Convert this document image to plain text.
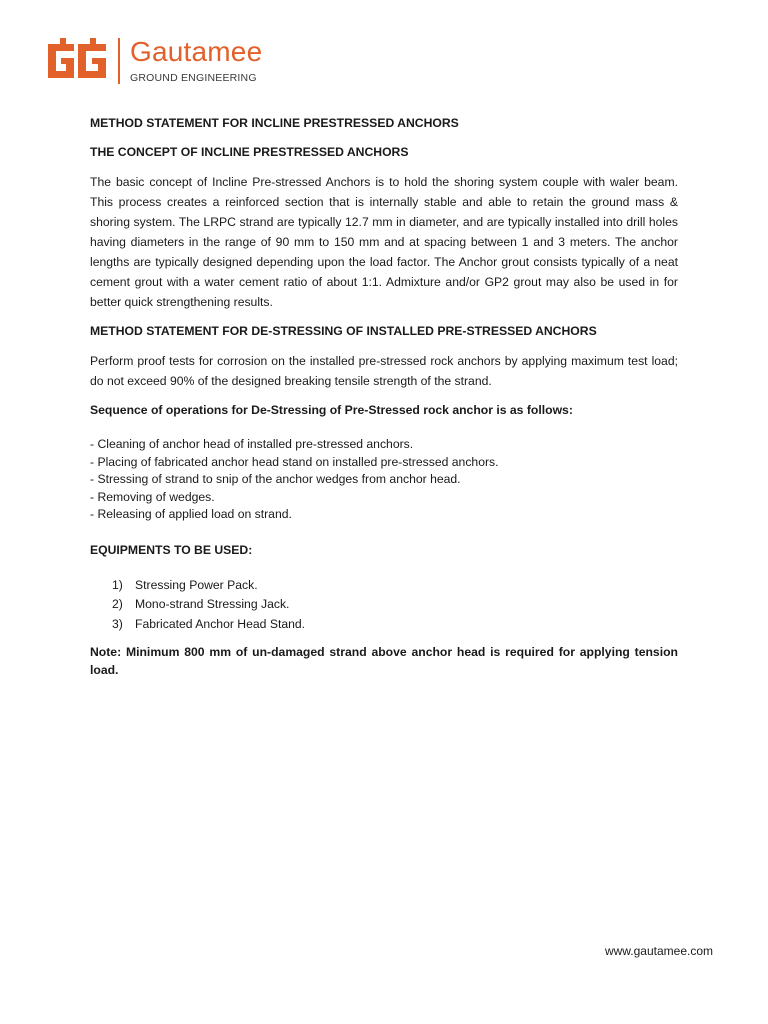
Gautamee
GROUND ENGINEERING

METHOD STATEMENT FOR INCLINE PRESTRESSED ANCHORS

THE CONCEPT OF INCLINE PRESTRESSED ANCHORS

The basic concept of Incline Pre-stressed Anchors is to hold the shoring system couple with waler beam. This process creates a reinforced section that is internally stable and able to retain the ground mass & shoring system. The LRPC strand are typically 12.7 mm in diameter, and are typically installed into drill holes having diameters in the range of 90 mm to 150 mm and at spacing between 1 and 3 meters. The anchor lengths are typically designed depending upon the load factor. The Anchor grout consists typically of a neat cement grout with a water cement ratio of about 1:1. Admixture and/or GP2 grout may also be used in for better quick strengthening results.

METHOD STATEMENT FOR DE-STRESSING OF INSTALLED PRE-STRESSED ANCHORS

Perform proof tests for corrosion on the installed pre-stressed rock anchors by applying maximum test load; do not exceed 90% of the designed breaking tensile strength of the strand.

Sequence of operations for De-Stressing of Pre-Stressed rock anchor is as follows:

- Cleaning of anchor head of installed pre-stressed anchors.
- Placing of fabricated anchor head stand on installed pre-stressed anchors.
- Stressing of strand to snip of the anchor wedges from anchor head.
- Removing of wedges.
- Releasing of applied load on strand.

EQUIPMENTS TO BE USED:

1) Stressing Power Pack.
2) Mono-strand Stressing Jack.
3) Fabricated Anchor Head Stand.

Note: Minimum 800 mm of un-damaged strand above anchor head is required for applying tension load.

www.gautamee.com
